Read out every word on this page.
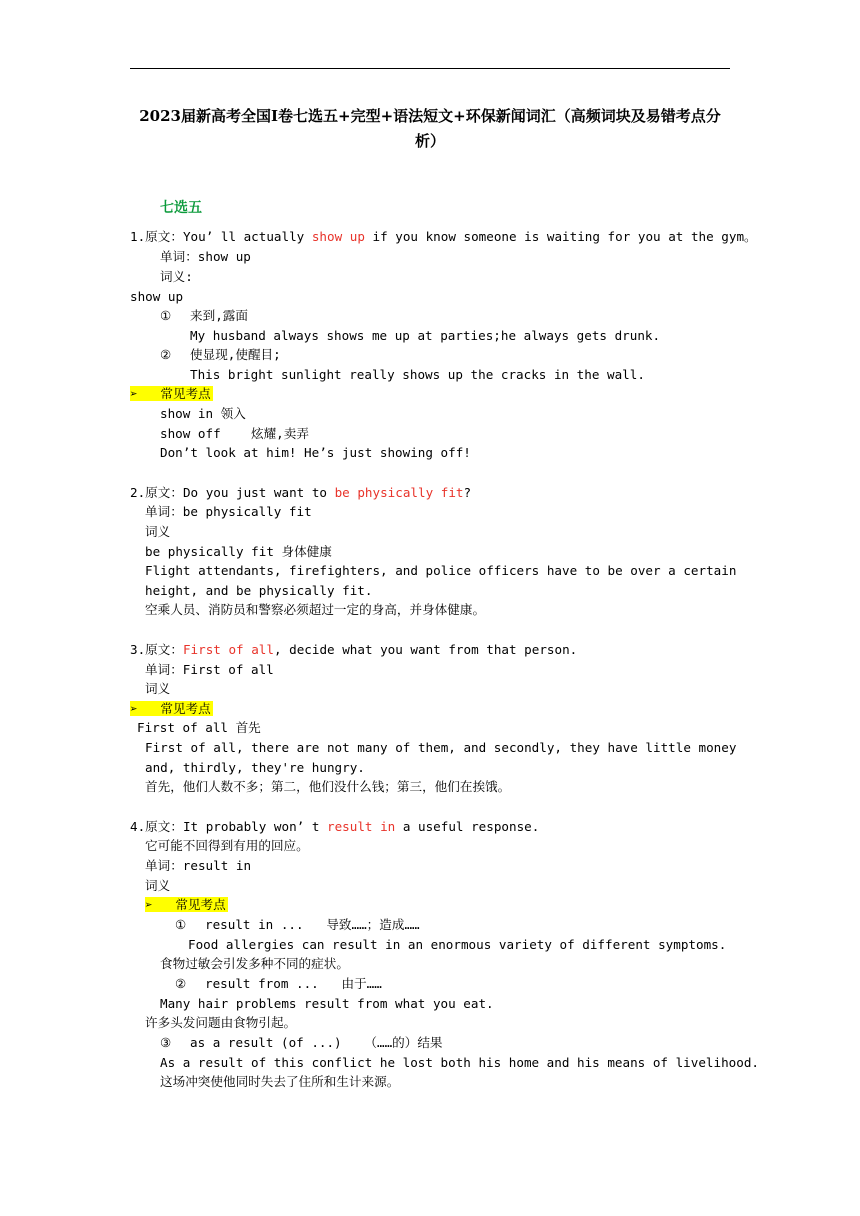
2023届新高考全国Ⅰ卷七选五+完型+语法短文+环保新闻词汇（高频词块及易错考点分析）
七选五
1.原文：You’ ll actually show up if you know someone is waiting for you at the gym。
单词：show up
词义:
show up
① 来到,露面
My husband always shows me up at parties;he always gets drunk.
② 使显现,使醒目;
This bright sunlight really shows up the cracks in the wall.
➢ 常见考点
show in 领入
show off    炫耀,卖弄
Don’t look at him! He’s just showing off!
2.原文：Do you just want to be physically fit?
单词：be physically fit
词义
be physically fit 身体健康
Flight attendants, firefighters, and police officers have to be over a certain
height, and be physically fit.
空乘人员、消防员和警察必须超过一定的身高，并身体健康。
3.原文：First of all, decide what you want from that person.
单词：First of all
词义
➢ 常见考点
First of all 首先
First of all, there are not many of them, and secondly, they have little money
and, thirdly, they're hungry.
首先，他们人数不多；第二，他们没什么钱；第三，他们在挨饿。
4.原文：It probably won’ t result in a useful response.
它可能不回得到有用的回应。
单词：result in
词义
➢ 常见考点
① result in ...   导致……；造成……
Food allergies can result in an enormous variety of different symptoms.
食物过敏会引发多种不同的症状。
② result from ...   由于……
Many hair problems result from what you eat.
许多头发问题由食物引起。
③ as a result (of ...)   （……的）结果
As a result of this conflict he lost both his home and his means of livelihood.
这场冲突使他同时失去了住所和生计来源。
